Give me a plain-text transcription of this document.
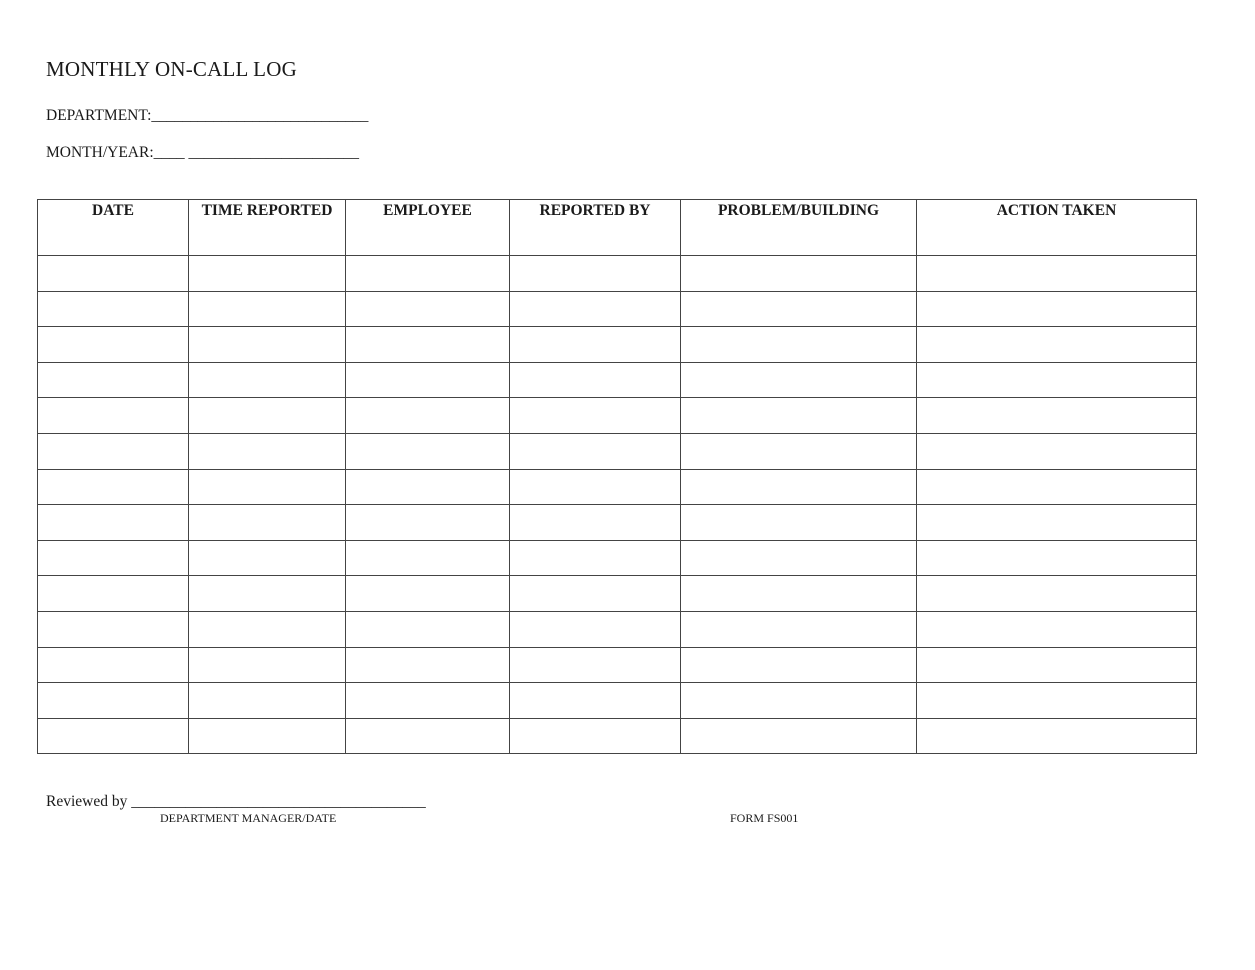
MONTHLY ON-CALL LOG
DEPARTMENT:____________________________
MONTH/YEAR:____ ______________________
DATE	TIME REPORTED	EMPLOYEE	REPORTED BY	PROBLEM/BUILDING	ACTION TAKEN

Reviewed by ______________________________________
DEPARTMENT MANAGER/DATE	FORM FS001
